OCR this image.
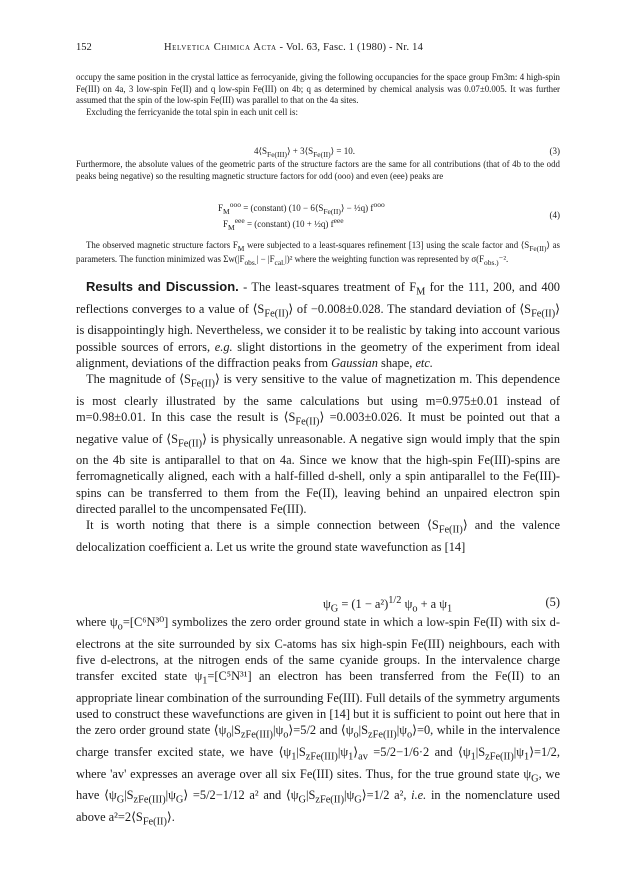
152	Helvetica Chimica Acta - Vol. 63, Fasc. 1 (1980) - Nr. 14

occupy the same position in the crystal lattice as ferrocyanide, giving the following occupancies for the space group Fm3m: 4 high-spin Fe(III) on 4a, 3 low-spin Fe(II) and q low-spin Fe(III) on 4b; q as determined by chemical analysis was 0.07±0.005. It was further assumed that the spin of the low-spin Fe(III) was parallel to that on the 4a sites.

Excluding the ferricyanide the total spin in each unit cell is:

$4⟨S_{Fe(III)}⟩$ + $3⟨S_{Fe(II)}⟩ = 10$.	(3)

Furthermore, the absolute values of the geometric parts of the structure factors are the same for all contributions (that of 4b to the odd peaks being negative) so the resulting magnetic structure factors for odd (ooo) and even (eee) peaks are

$F_M^{ooo}$ = (constant) ($10 - 6⟨S_{Fe(II)}⟩$ − ½q) $f^{ooo}$
$F_M^{eee}$ = (constant) (10 + ½q) $f^{eee}$
(4)

The observed magnetic structure factors $F_M$ were subjected to a least-squares refinement [13] using the scale factor and $⟨S_{Fe(II)}⟩$ as parameters. The function minimized was $\Sigma w(|F_{obs.}| - |F_{cal.}|)^2$ where the weighting function was represented by $\sigma(F_{obs.)}^{-2}$.

Results and Discussion. - The least-squares treatment of $F_M$ for the 111, 200, and 400 reflections converges to a value of $⟨S_{Fe(II)}⟩$ of −0.008±0.028. The standard deviation of $⟨S_{Fe(II)}⟩$ is disappointingly high. Nevertheless, we consider it to be realistic by taking into account various possible sources of errors, e.g. slight distortions in the geometry of the experiment from ideal alignment, deviations of the diffraction peaks from Gaussian shape, etc.

The magnitude of $⟨S_{Fe(II)}⟩$ is very sensitive to the value of magnetization m. This dependence is most clearly illustrated by the same calculations but using m=0.975±0.01 instead of m=0.98±0.01. In this case the result is $⟨S_{Fe(II)}⟩ =0.003\pm 0.026$. It must be pointed out that a negative value of $⟨S_{Fe(II)}⟩$ is physically unreasonable. A negative sign would imply that the spin on the 4b site is antiparallel to that on 4a. Since we know that the high-spin Fe(III)-spins are ferromagnetically aligned, each with a half-filled d-shell, only a spin antiparallel to the Fe(III)-spins can be transferred to them from the Fe(II), leaving behind an unpaired electron spin directed parallel to the uncompensated Fe(III).

It is worth noting that there is a simple connection between $⟨S_{Fe(II)}⟩$ and the valence delocalization coefficient a. Let us write the ground state wavefunction as [14]

$\psi_G = (1 - a^2)^{1/2}$ $\psi_o + a$ $\psi_1$
(5)

where $\psi_o=[C^6N^{30}]$ symbolizes the zero order ground state in which a low-spin Fe(II) with six d-electrons at the site surrounded by six C-atoms has six high-spin Fe(III) neighbours, each with five d-electrons, at the nitrogen ends of the same cyanide groups. In the intervalence charge transfer excited state $\psi_1=[C^5N^{31}]$ an electron has been transferred from the Fe(II) to an appropriate linear combination of the surrounding Fe(III). Full details of the symmetry arguments used to construct these wavefunctions are given in [14] but it is sufficient to point out here that in the zero order ground state $⟨\psi_o|S_{zFe(III)}|\psi_o⟩=5/2$ and $⟨\psi_o|S_{zFe(II)}|\psi_o⟩=0$, while in the intervalence charge transfer excited state, we have $⟨\psi_1|S_{zFe(III)}|\psi_1⟩_{av} =5/2-1/6\cdot 2$ and $⟨\psi_1|S_{zFe(II)}|\psi_1⟩=1/2$, where 'av' expresses an average over all six Fe(III) sites. Thus, for the true ground state $\psi_G$, we have $⟨\psi_G|S_{zFe(III)}|\psi_G⟩ =5/2-1/12$ a² and $⟨\psi_G|S_{zFe(II)}|\psi_G⟩=1/2$ a², i.e. in the nomenclature used above $a^2=2⟨S_{Fe(II)}⟩$.
